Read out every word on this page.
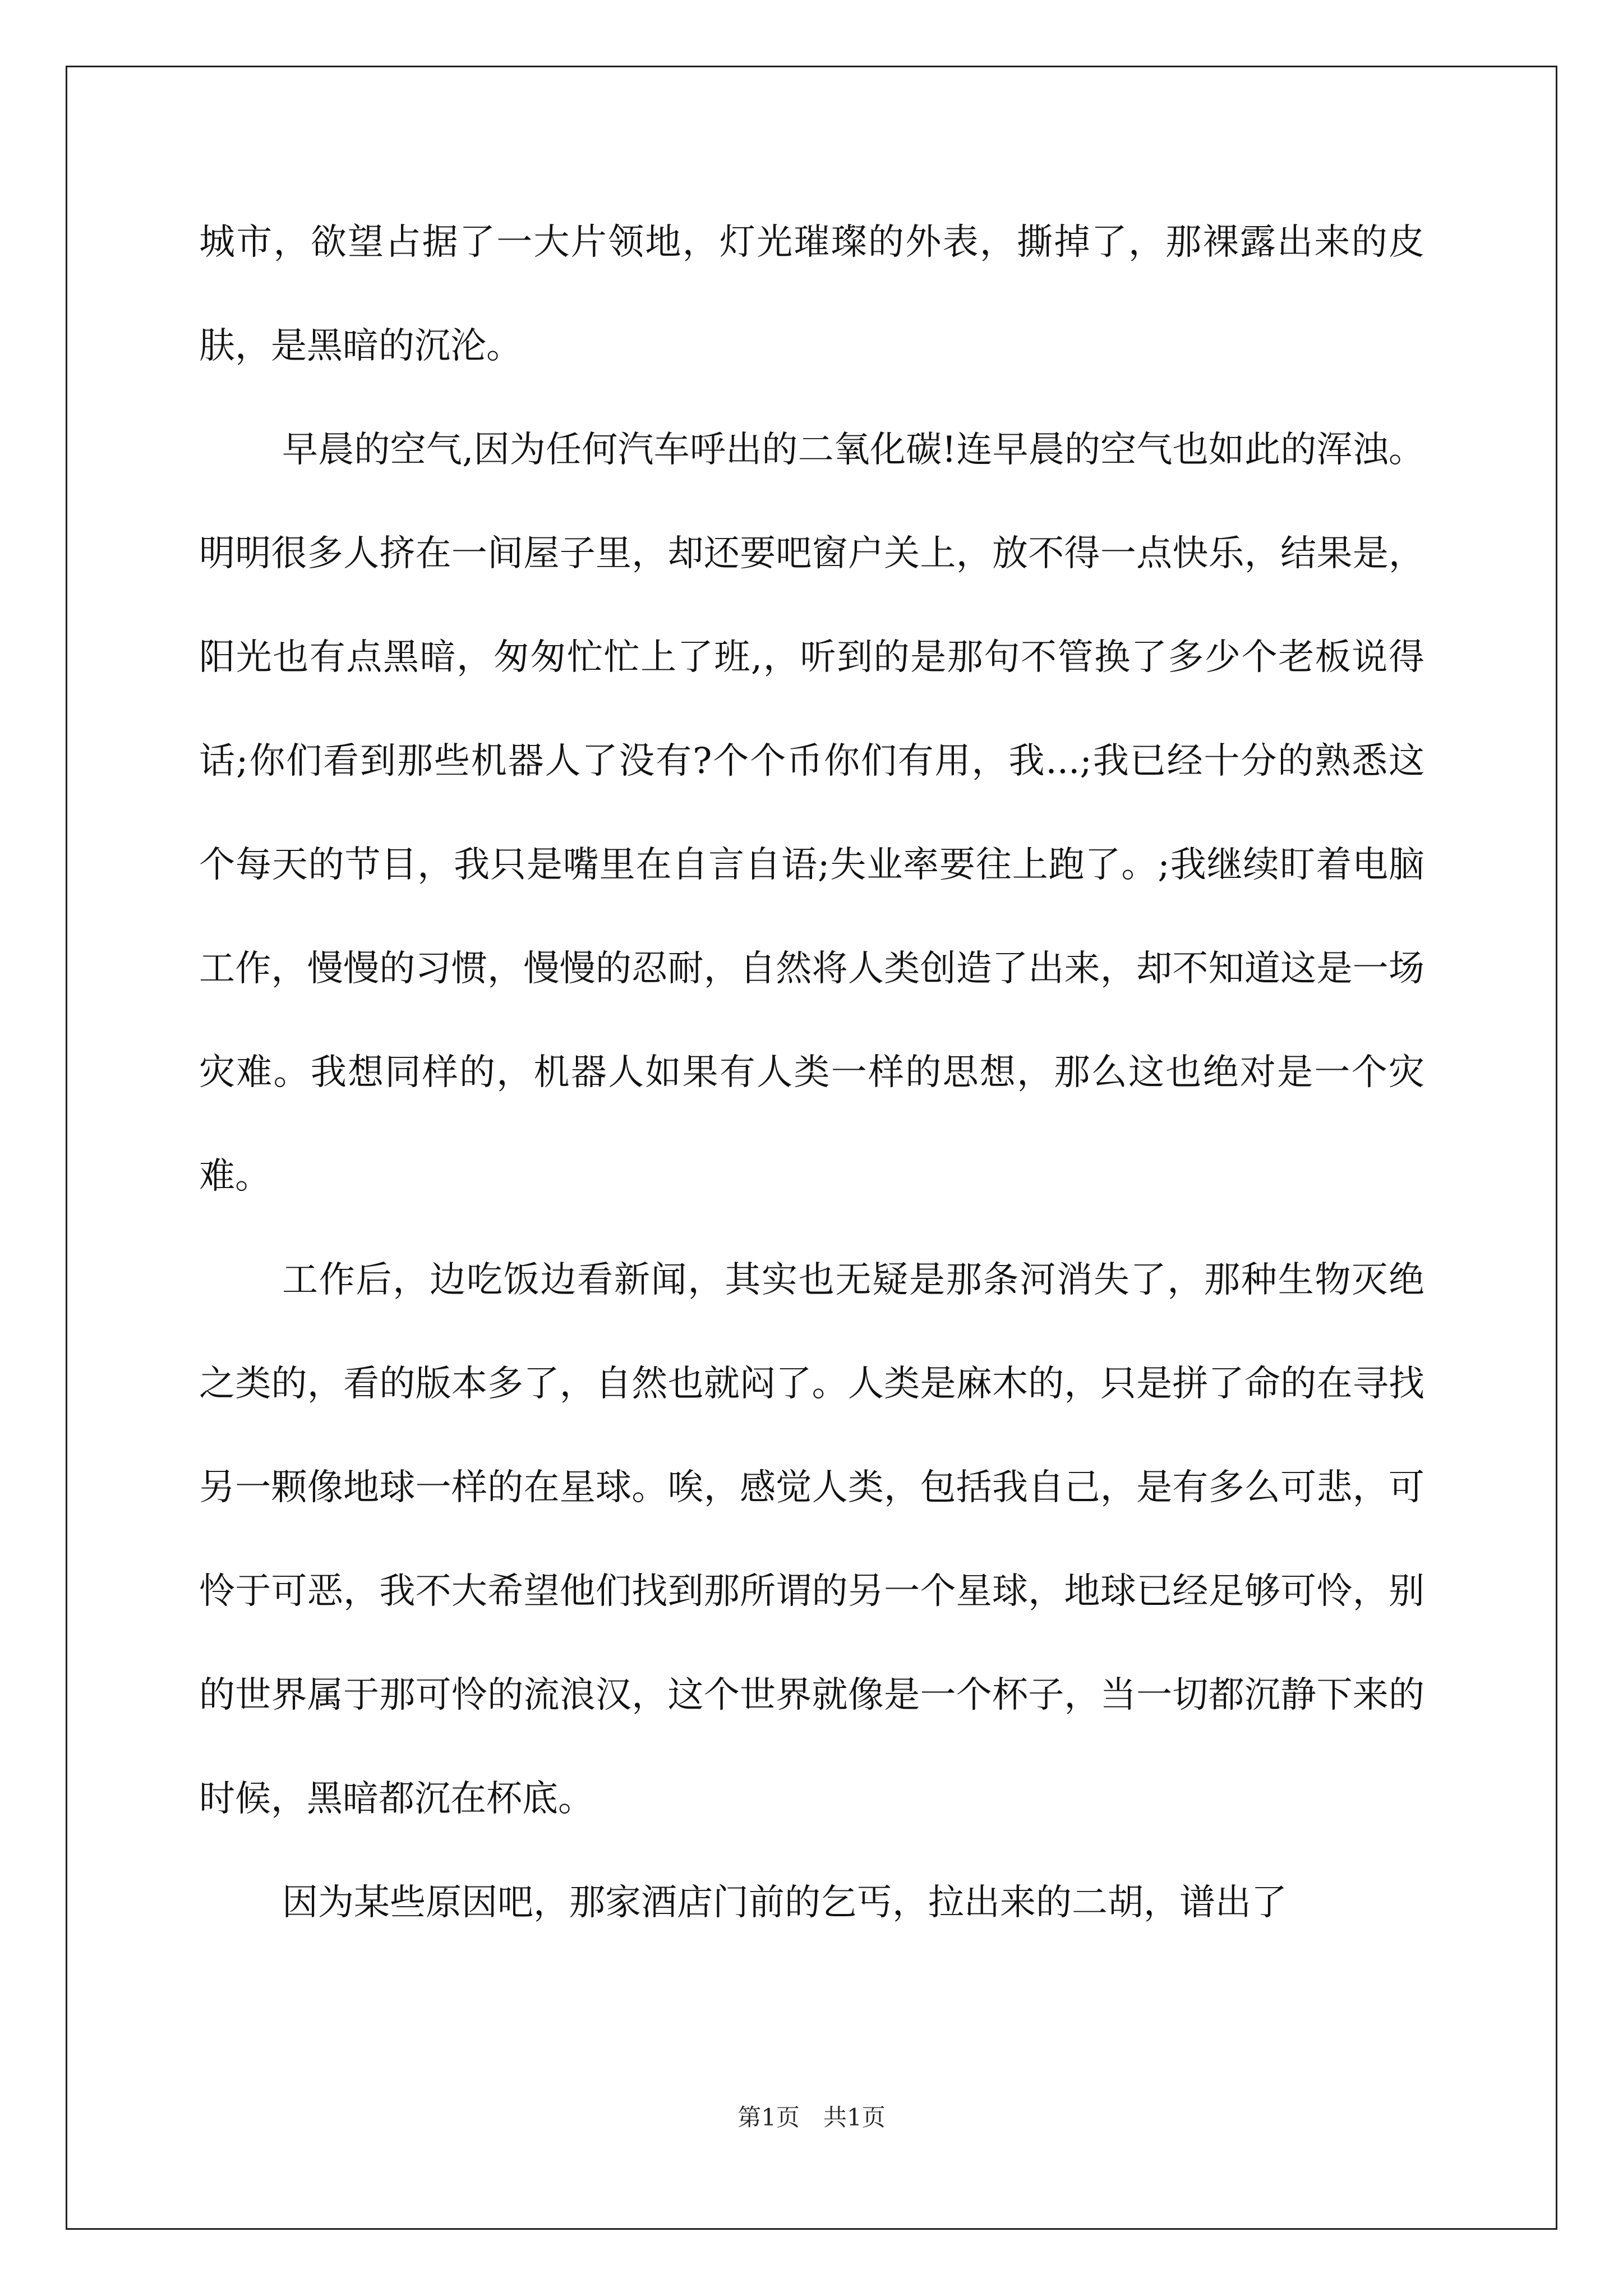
城市，欲望占据了一大片领地，灯光璀璨的外表，撕掉了，那裸露出来的皮肤，是黑暗的沉沦。

早晨的空气,因为任何汽车呼出的二氧化碳!连早晨的空气也如此的浑浊。明明很多人挤在一间屋子里，却还要吧窗户关上，放不得一点快乐，结果是，阳光也有点黑暗，匆匆忙忙上了班,，听到的是那句不管换了多少个老板说得话;你们看到那些机器人了没有?个个币你们有用，我...;我已经十分的熟悉这个每天的节目，我只是嘴里在自言自语;失业率要往上跑了。;我继续盯着电脑工作，慢慢的习惯，慢慢的忍耐，自然将人类创造了出来，却不知道这是一场灾难。我想同样的，机器人如果有人类一样的思想，那么这也绝对是一个灾难。

工作后，边吃饭边看新闻，其实也无疑是那条河消失了，那种生物灭绝之类的，看的版本多了，自然也就闷了。人类是麻木的，只是拼了命的在寻找另一颗像地球一样的在星球。唉，感觉人类，包括我自己，是有多么可悲，可怜于可恶，我不大希望他们找到那所谓的另一个星球，地球已经足够可怜，别的世界属于那可怜的流浪汉，这个世界就像是一个杯子，当一切都沉静下来的时候，黑暗都沉在杯底。

因为某些原因吧，那家酒店门前的乞丐，拉出来的二胡，谱出了

第1页　共1页
